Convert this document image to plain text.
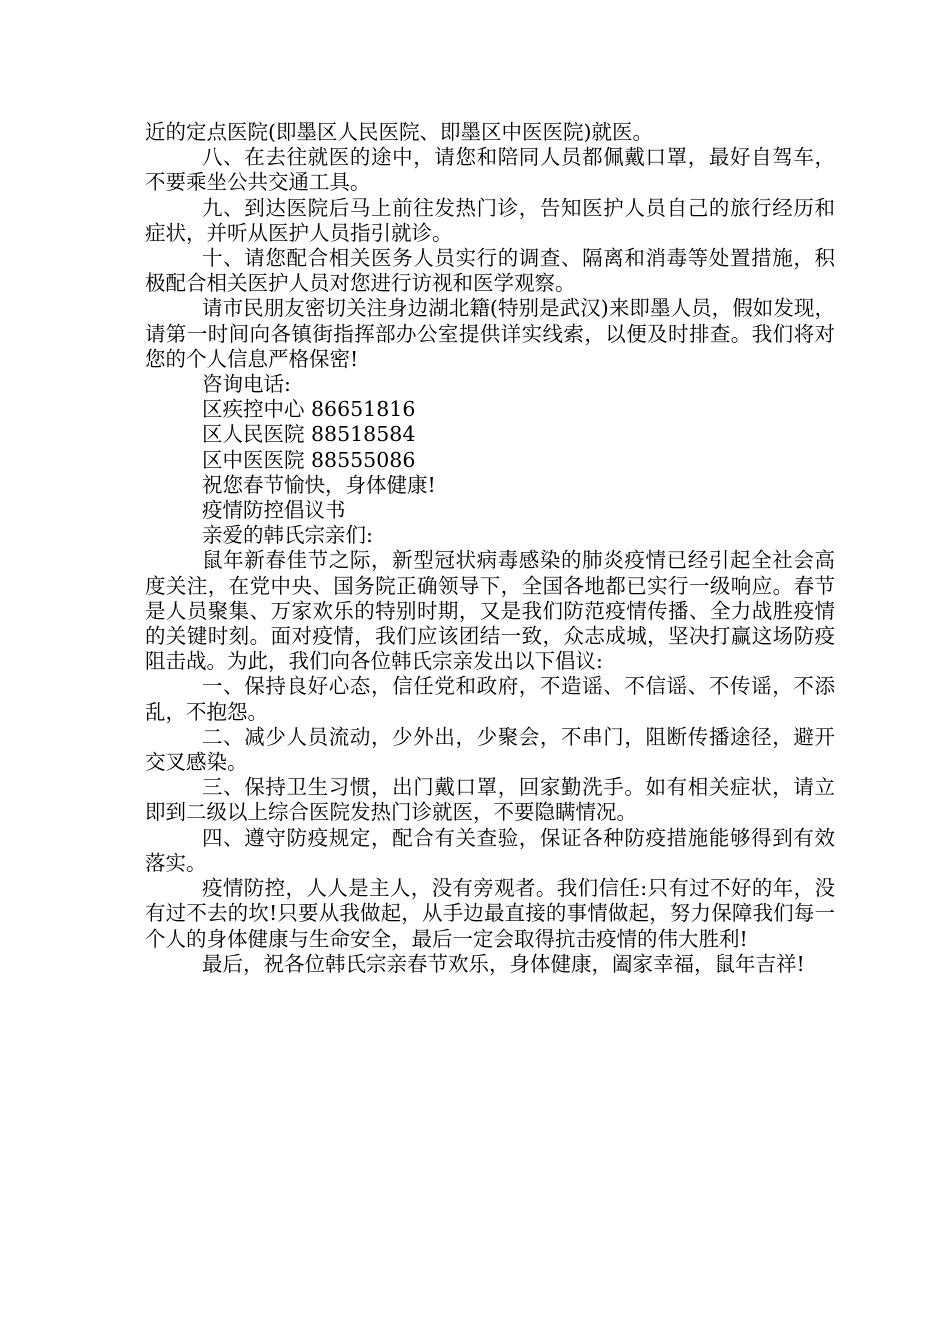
近的定点医院(即墨区人民医院、即墨区中医医院)就医。

八、在去往就医的途中，请您和陪同人员都佩戴口罩，最好自驾车，不要乘坐公共交通工具。

九、到达医院后马上前往发热门诊，告知医护人员自己的旅行经历和症状，并听从医护人员指引就诊。

十、请您配合相关医务人员实行的调查、隔离和消毒等处置措施，积极配合相关医护人员对您进行访视和医学观察。

请市民朋友密切关注身边湖北籍(特别是武汉)来即墨人员，假如发现，请第一时间向各镇街指挥部办公室提供详实线索，以便及时排查。我们将对您的个人信息严格保密!

咨询电话:

区疾控中心 86651816

区人民医院 88518584

区中医医院 88555086

祝您春节愉快，身体健康!

疫情防控倡议书

亲爱的韩氏宗亲们:

鼠年新春佳节之际，新型冠状病毒感染的肺炎疫情已经引起全社会高度关注，在党中央、国务院正确领导下，全国各地都已实行一级响应。春节是人员聚集、万家欢乐的特别时期，又是我们防范疫情传播、全力战胜疫情的关键时刻。面对疫情，我们应该团结一致，众志成城，坚决打赢这场防疫阻击战。为此，我们向各位韩氏宗亲发出以下倡议:

一、保持良好心态，信任党和政府，不造谣、不信谣、不传谣，不添乱，不抱怨。

二、减少人员流动，少外出，少聚会，不串门，阻断传播途径，避开交叉感染。

三、保持卫生习惯，出门戴口罩，回家勤洗手。如有相关症状，请立即到二级以上综合医院发热门诊就医，不要隐瞒情况。

四、遵守防疫规定，配合有关查验，保证各种防疫措施能够得到有效落实。

疫情防控，人人是主人，没有旁观者。我们信任:只有过不好的年，没有过不去的坎!只要从我做起，从手边最直接的事情做起，努力保障我们每一个人的身体健康与生命安全，最后一定会取得抗击疫情的伟大胜利!

最后，祝各位韩氏宗亲春节欢乐，身体健康，阖家幸福，鼠年吉祥!
